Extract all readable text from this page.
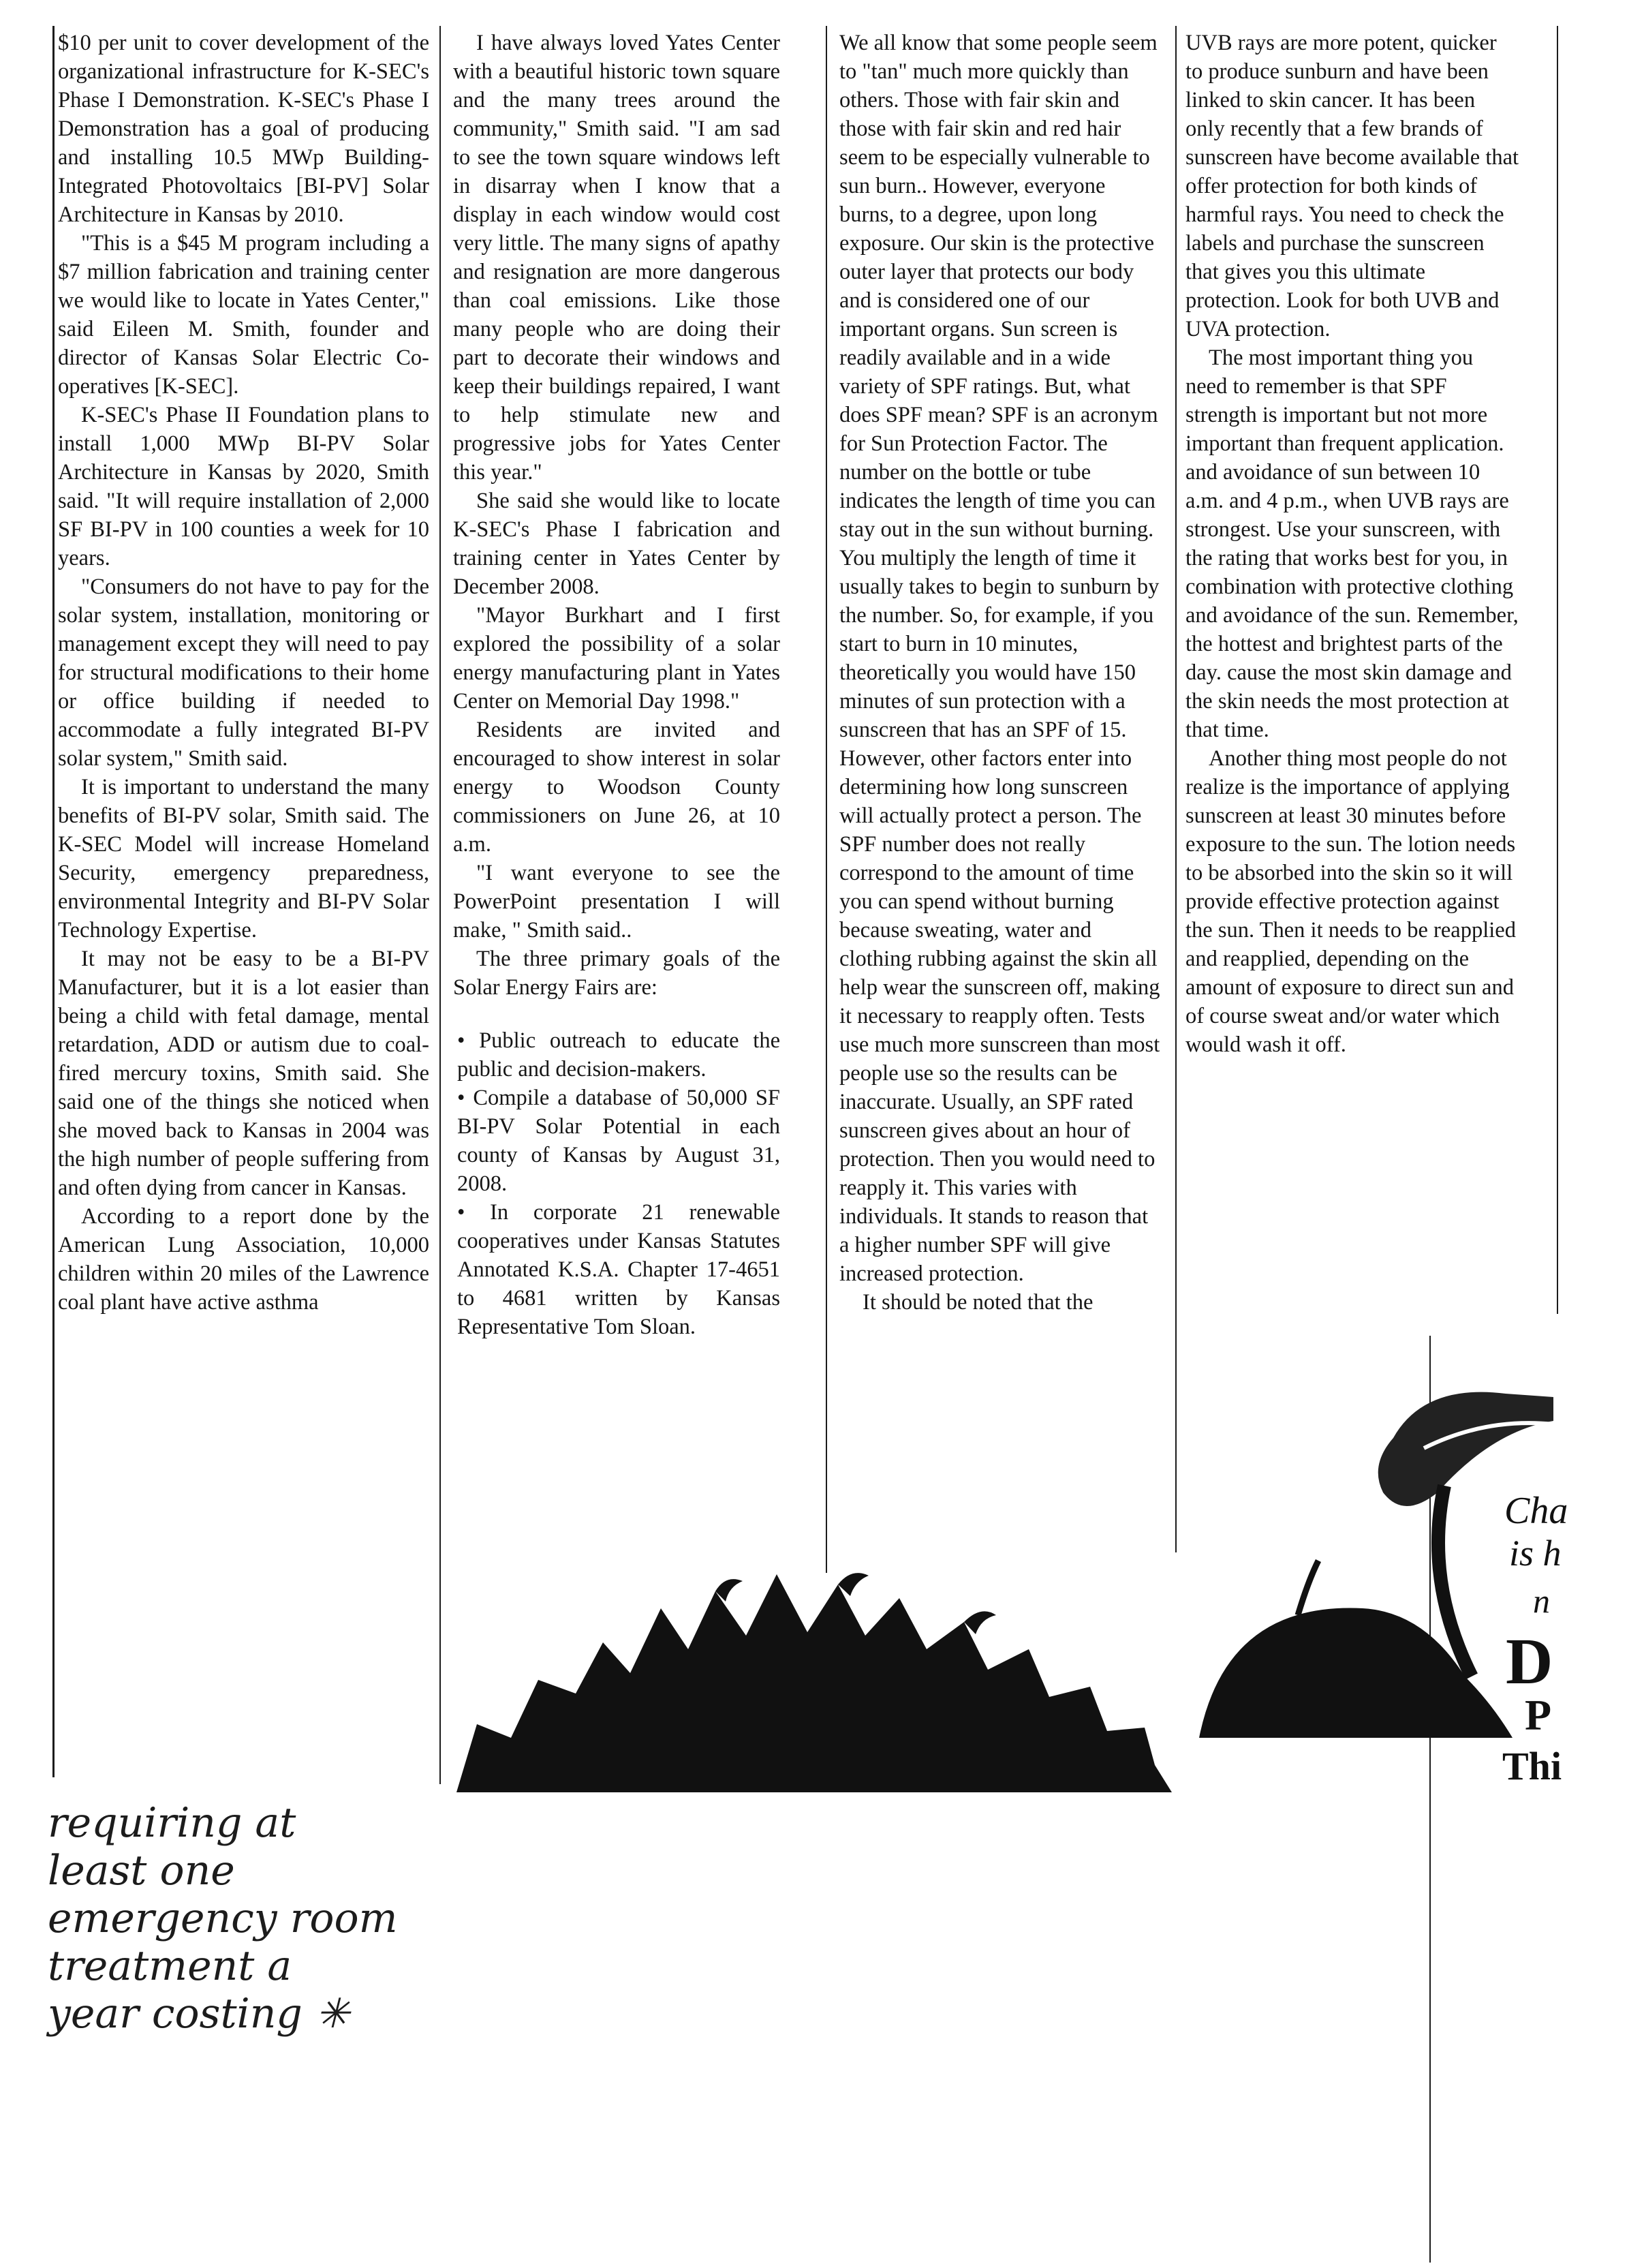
$10 per unit to cover development of the organizational infrastructure for K-SEC's Phase I Demonstration. K-SEC's Phase I Demonstration has a goal of producing and installing 10.5 MWp Building-Integrated Photovoltaics [BI-PV] Solar Architecture in Kansas by 2010.

"This is a $45 M program including a $7 million fabrication and training center we would like to locate in Yates Center," said Eileen M. Smith, founder and director of Kansas Solar Electric Co-operatives [K-SEC].

K-SEC's Phase II Foundation plans to install 1,000 MWp BI-PV Solar Architecture in Kansas by 2020, Smith said. "It will require installation of 2,000 SF BI-PV in 100 counties a week for 10 years.

"Consumers do not have to pay for the solar system, installation, monitoring or management except they will need to pay for structural modifications to their home or office building if needed to accommodate a fully integrated BI-PV solar system," Smith said.

It is important to understand the many benefits of BI-PV solar, Smith said. The K-SEC Model will increase Homeland Security, emergency preparedness, environmental Integrity and BI-PV Solar Technology Expertise.

It may not be easy to be a BI-PV Manufacturer, but it is a lot easier than being a child with fetal damage, mental retardation, ADD or autism due to coal-fired mercury toxins, Smith said. She said one of the things she noticed when she moved back to Kansas in 2004 was the high number of people suffering from and often dying from cancer in Kansas.

According to a report done by the American Lung Association, 10,000 children within 20 miles of the Lawrence coal plant have active asthma

I have always loved Yates Center with a beautiful historic town square and the many trees around the community," Smith said. "I am sad to see the town square windows left in disarray when I know that a display in each window would cost very little. The many signs of apathy and resignation are more dangerous than coal emissions. Like those many people who are doing their part to decorate their windows and keep their buildings repaired, I want to help stimulate new and progressive jobs for Yates Center this year."

She said she would like to locate K-SEC's Phase I fabrication and training center in Yates Center by December 2008.

"Mayor Burkhart and I first explored the possibility of a solar energy manufacturing plant in Yates Center on Memorial Day 1998."

Residents are invited and encouraged to show interest in solar energy to Woodson County commissioners on June 26, at 10 a.m.

"I want everyone to see the PowerPoint presentation I will make, " Smith said..

The three primary goals of the Solar Energy Fairs are:

• Public outreach to educate the public and decision-makers.

• Compile a database of 50,000 SF BI-PV Solar Potential in each county of Kansas by August 31, 2008.

• In corporate 21 renewable cooperatives under Kansas Statutes Annotated K.S.A. Chapter 17-4651 to 4681 written by Kansas Representative Tom Sloan.

We all know that some people seem to "tan" much more quickly than others. Those with fair skin and those with fair skin and red hair seem to be especially vulnerable to sun burn.. However, everyone burns, to a degree, upon long exposure. Our skin is the protective outer layer that protects our body and is considered one of our important organs. Sun screen is readily available and in a wide variety of SPF ratings. But, what does SPF mean? SPF is an acronym for Sun Protection Factor. The number on the bottle or tube indicates the length of time you can stay out in the sun without burning. You multiply the length of time it usually takes to begin to sunburn by the number. So, for example, if you start to burn in 10 minutes, theoretically you would have 150 minutes of sun protection with a sunscreen that has an SPF of 15. However, other factors enter into determining how long sunscreen will actually protect a person. The SPF number does not really correspond to the amount of time you can spend without burning because sweating, water and clothing rubbing against the skin all help wear the sunscreen off, making it necessary to reapply often. Tests use much more sunscreen than most people use so the results can be inaccurate. Usually, an SPF rated sunscreen gives about an hour of protection. Then you would need to reapply it. This varies with individuals. It stands to reason that a higher number SPF will give increased protection.

It should be noted that the

UVB rays are more potent, quicker to produce sunburn and have been linked to skin cancer. It has been only recently that a few brands of sunscreen have become available that offer protection for both kinds of harmful rays. You need to check the labels and purchase the sunscreen that gives you this ultimate protection. Look for both UVB and UVA protection.

The most important thing you need to remember is that SPF strength is important but not more important than frequent application. and avoidance of sun between 10 a.m. and 4 p.m., when UVB rays are strongest. Use your sunscreen, with the rating that works best for you, in combination with protective clothing and avoidance of the sun. Remember, the hottest and brightest parts of the day. cause the most skin damage and the skin needs the most protection at that time.

Another thing most people do not realize is the importance of applying sunscreen at least 30 minutes before exposure to the sun. The lotion needs to be absorbed into the skin so it will provide effective protection against the sun. Then it needs to be reapplied and reapplied, depending on the amount of exposure to direct sun and of course sweat and/or water which would wash it off.

Cha
is h
n
D
P
Thi
requiring at
least one
emergency room
treatment a
year costing ✳
